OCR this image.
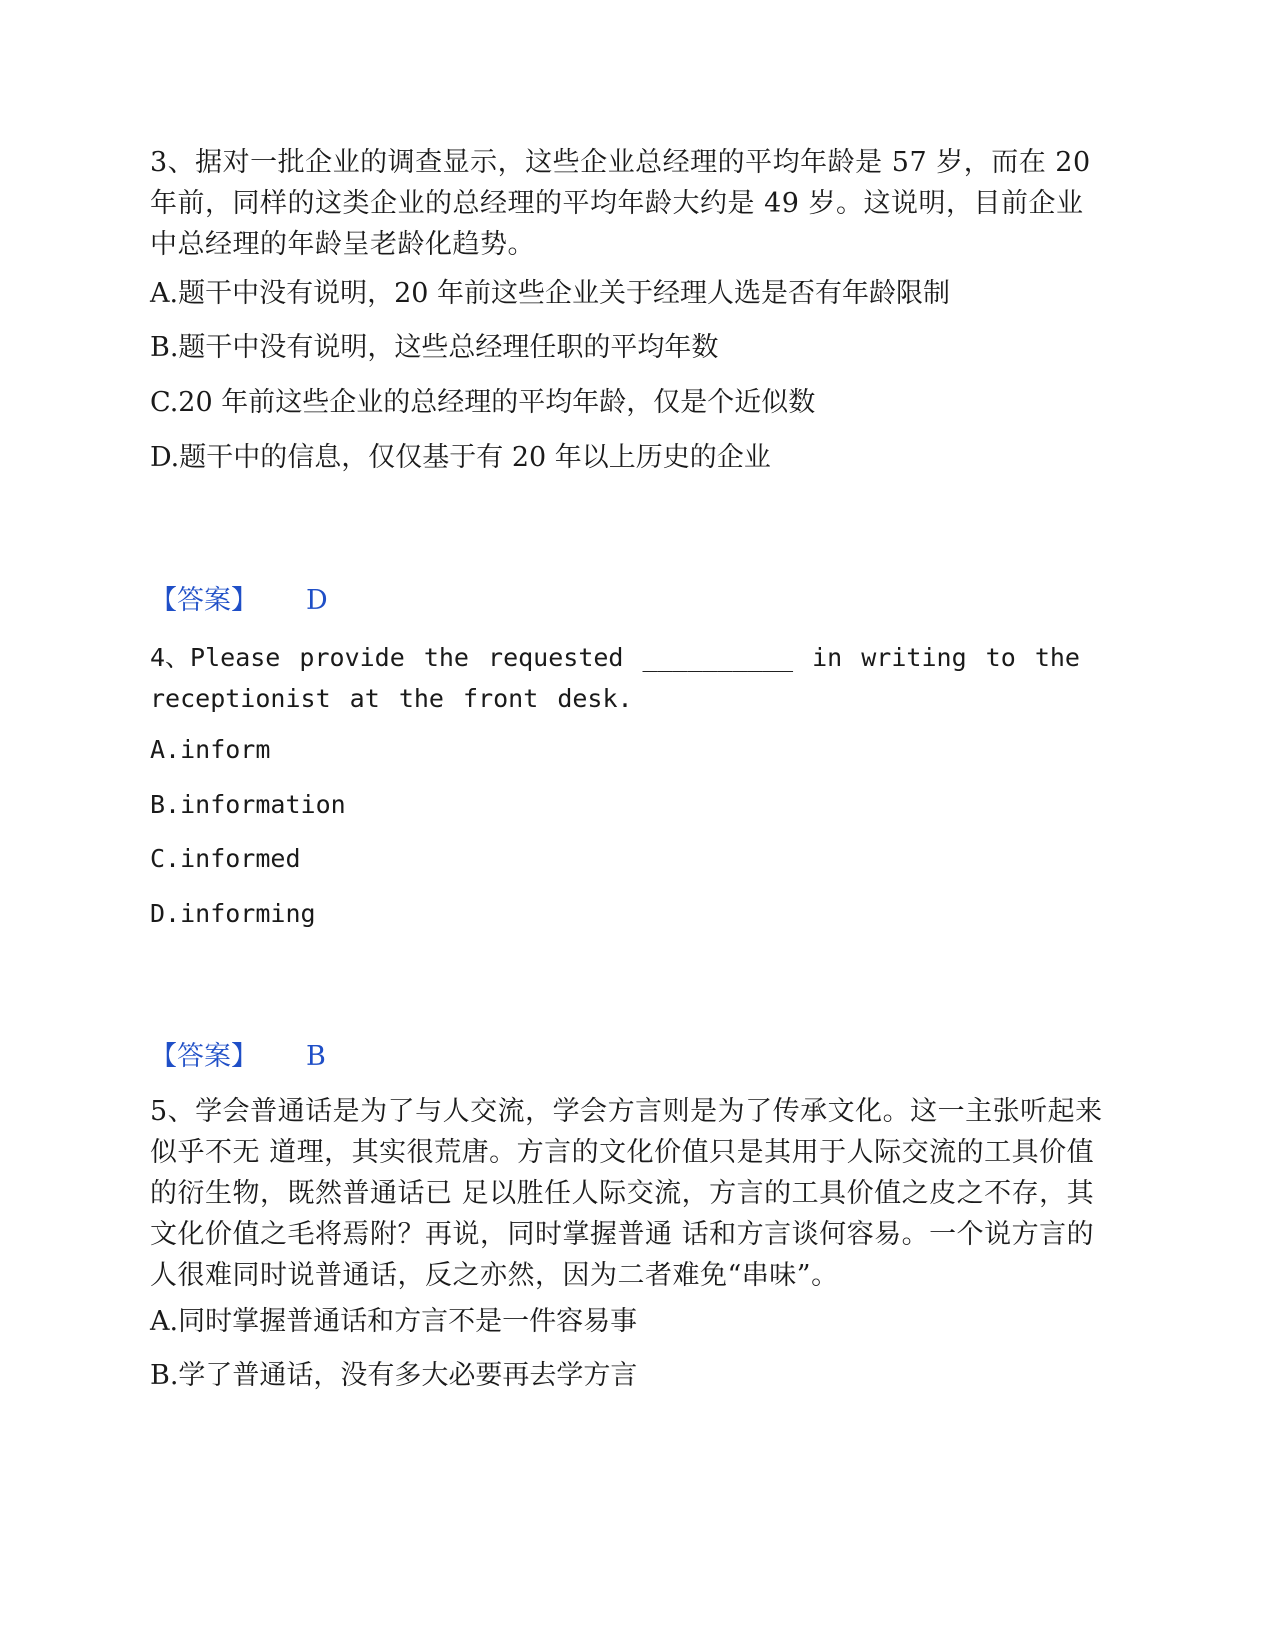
3、据对一批企业的调查显示，这些企业总经理的平均年龄是 57 岁，而在 20 年前，同样的这类企业的总经理的平均年龄大约是 49 岁。这说明，目前企业中总经理的年龄呈老龄化趋势。

A.题干中没有说明，20 年前这些企业关于经理人选是否有年龄限制
B.题干中没有说明，这些总经理任职的平均年数
C.20 年前这些企业的总经理的平均年龄，仅是个近似数
D.题干中的信息，仅仅基于有 20 年以上历史的企业
【答案】 D

4、Please provide the requested __________ in writing to the receptionist at the front desk.

A.inform
B.information
C.informed
D.informing
【答案】 B

5、学会普通话是为了与人交流，学会方言则是为了传承文化。这一主张听起来似乎不无 道理，其实很荒唐。方言的文化价值只是其用于人际交流的工具价值的衍生物，既然普通话已 足以胜任人际交流，方言的工具价值之皮之不存，其文化价值之毛将焉附？再说，同时掌握普通 话和方言谈何容易。一个说方言的人很难同时说普通话，反之亦然，因为二者难免“串味”。

A.同时掌握普通话和方言不是一件容易事
B.学了普通话，没有多大必要再去学方言
